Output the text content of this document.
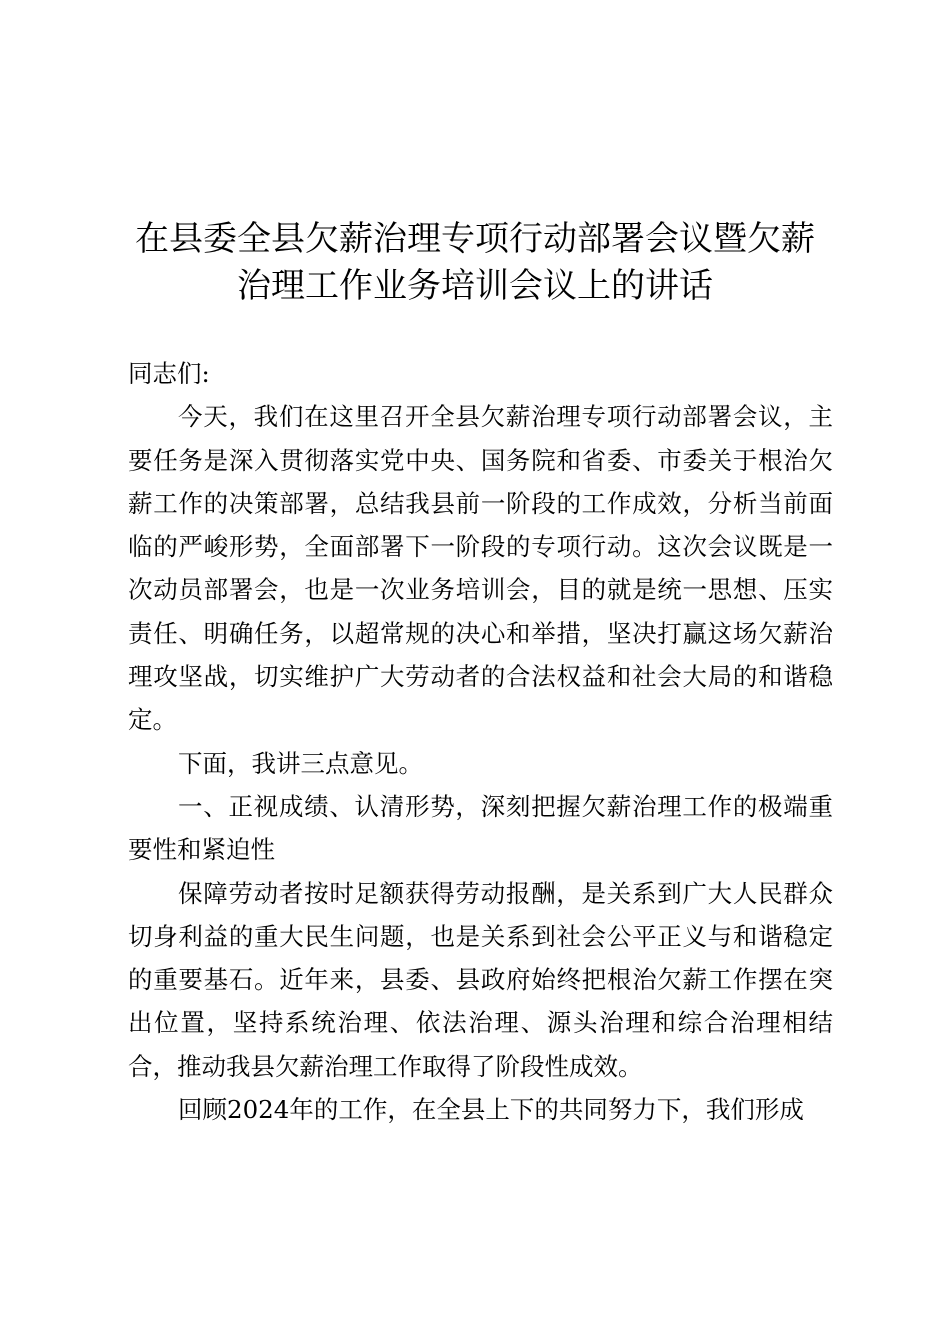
在县委全县欠薪治理专项行动部署会议暨欠薪
治理工作业务培训会议上的讲话

同志们:

今天，我们在这里召开全县欠薪治理专项行动部署会议，主要任务是深入贯彻落实党中央、国务院和省委、市委关于根治欠薪工作的决策部署，总结我县前一阶段的工作成效，分析当前面临的严峻形势，全面部署下一阶段的专项行动。这次会议既是一次动员部署会，也是一次业务培训会，目的就是统一思想、压实责任、明确任务，以超常规的决心和举措，坚决打赢这场欠薪治理攻坚战，切实维护广大劳动者的合法权益和社会大局的和谐稳定。

下面，我讲三点意见。

一、正视成绩、认清形势，深刻把握欠薪治理工作的极端重要性和紧迫性

保障劳动者按时足额获得劳动报酬，是关系到广大人民群众切身利益的重大民生问题，也是关系到社会公平正义与和谐稳定的重要基石。近年来，县委、县政府始终把根治欠薪工作摆在突出位置，坚持系统治理、依法治理、源头治理和综合治理相结合，推动我县欠薪治理工作取得了阶段性成效。

回顾2024年的工作，在全县上下的共同努力下，我们形成
